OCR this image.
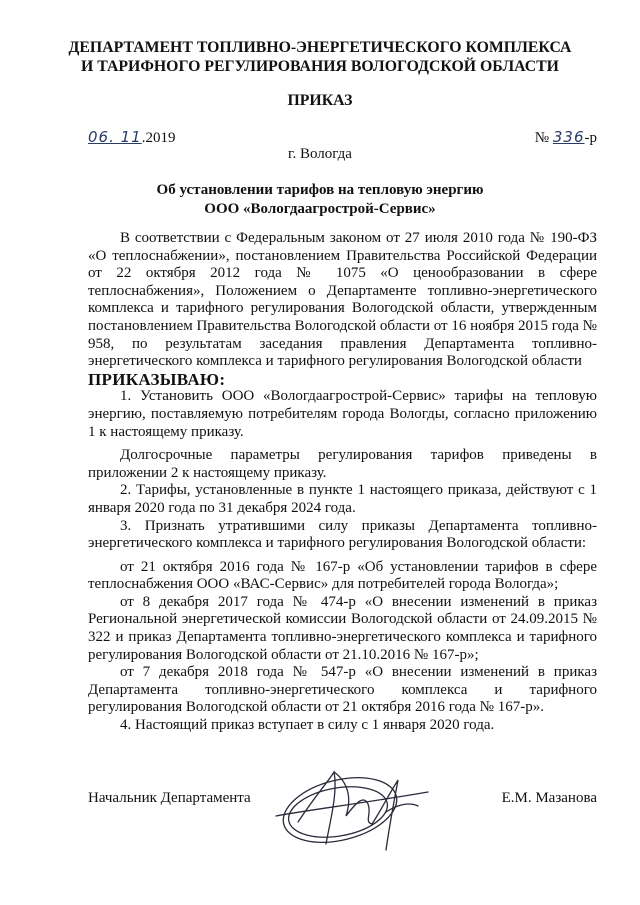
ДЕПАРТАМЕНТ ТОПЛИВНО-ЭНЕРГЕТИЧЕСКОГО КОМПЛЕКСА
И ТАРИФНОГО РЕГУЛИРОВАНИЯ ВОЛОГОДСКОЙ ОБЛАСТИ
ПРИКАЗ
06. 11.2019	№ 336-р
г. Вологда
Об установлении тарифов на тепловую энергию
ООО «Вологдаагрострой-Сервис»

В соответствии с Федеральным законом от 27 июля 2010 года № 190-ФЗ «О теплоснабжении», постановлением Правительства Российской Федерации от 22 октября 2012 года № 1075 «О ценообразовании в сфере теплоснабжения», Положением о Департаменте топливно-энергетического комплекса и тарифного регулирования Вологодской области, утвержденным постановлением Правительства Вологодской области от 16 ноября 2015 года № 958, по результатам заседания правления Департамента топливно-энергетического комплекса и тарифного регулирования Вологодской области

ПРИКАЗЫВАЮ:

1. Установить ООО «Вологдаагрострой-Сервис» тарифы на тепловую энергию, поставляемую потребителям города Вологды, согласно приложению 1 к настоящему приказу.

Долгосрочные параметры регулирования тарифов приведены в приложении 2 к настоящему приказу.

2. Тарифы, установленные в пункте 1 настоящего приказа, действуют с 1 января 2020 года по 31 декабря 2024 года.

3. Признать утратившими силу приказы Департамента топливно-энергетического комплекса и тарифного регулирования Вологодской области:

от 21 октября 2016 года № 167-р «Об установлении тарифов в сфере теплоснабжения ООО «ВАС-Сервис» для потребителей города Вологда»;

от 8 декабря 2017 года № 474-р «О внесении изменений в приказ Региональной энергетической комиссии Вологодской области от 24.09.2015 № 322 и приказ Департамента топливно-энергетического комплекса и тарифного регулирования Вологодской области от 21.10.2016 № 167-р»;

от 7 декабря 2018 года № 547-р «О внесении изменений в приказ Департамента топливно-энергетического комплекса и тарифного регулирования Вологодской области от 21 октября 2016 года № 167-р».

4. Настоящий приказ вступает в силу с 1 января 2020 года.

Начальник Департамента	Е.М. Мазанова
